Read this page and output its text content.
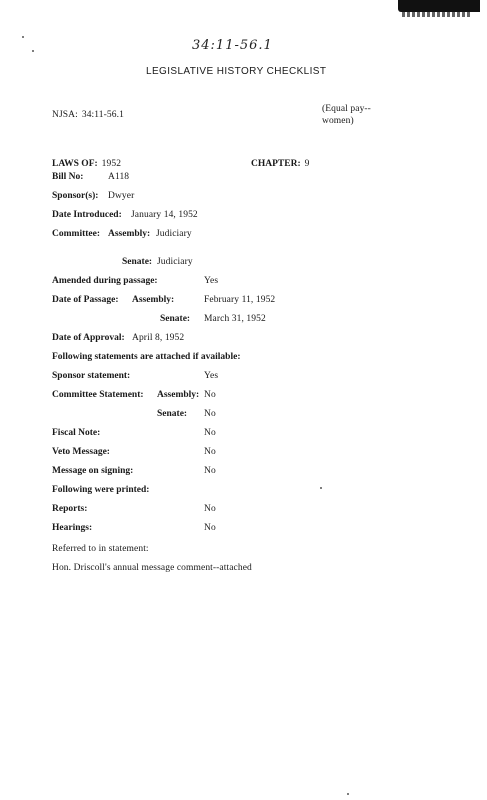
34:11-56.1
LEGISLATIVE HISTORY CHECKLIST
NJSA: 34:11-56.1
(Equal pay--
women)
LAWS OF: 1952	CHAPTER: 9
Bill No:	A118
Sponsor(s): Dwyer
Date Introduced: January 14, 1952
Committee: Assembly: Judiciary
Senate: Judiciary
Amended during passage:	Yes
Date of Passage: Assembly:	February 11, 1952
Senate: March 31, 1952
Date of Approval: April 8, 1952
Following statements are attached if available:
Sponsor statement:	Yes
Committee Statement: Assembly: No
Senate: No
Fiscal Note:	No
Veto Message:	No
Message on signing:	No
Following were printed:
Reports:	No
Hearings:	No
Referred to in statement:
Hon. Driscoll's annual message comment--attached
